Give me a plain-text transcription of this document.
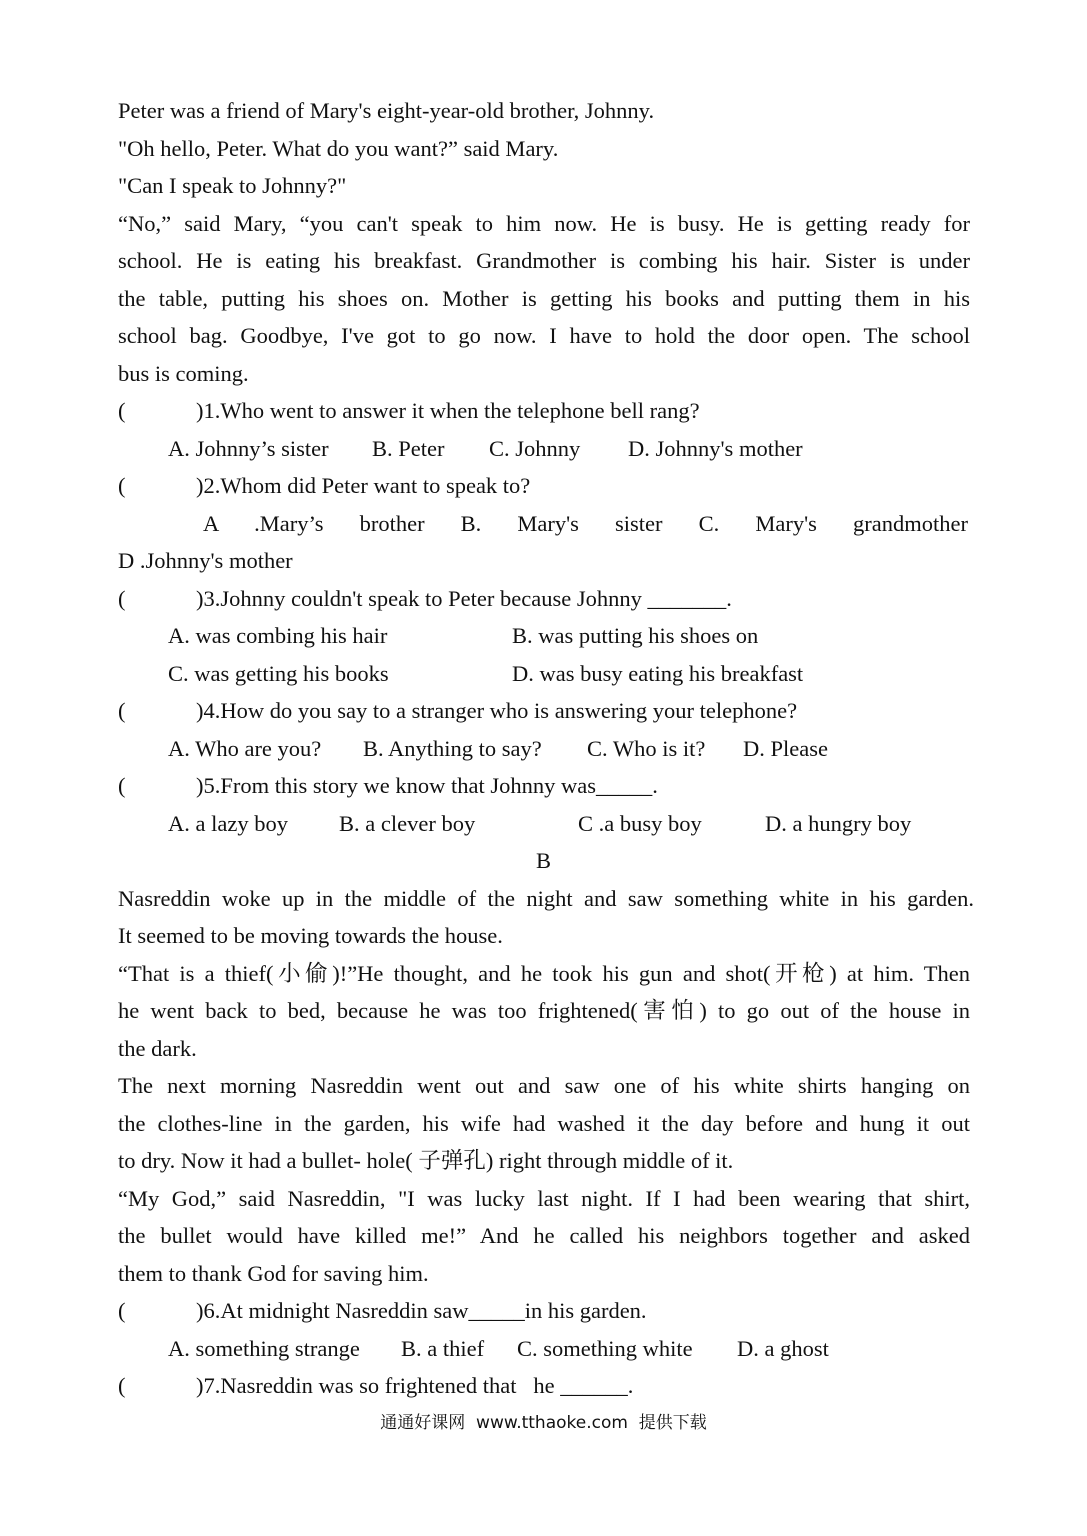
Peter was a friend of Mary's eight-year-old brother, Johnny.
"Oh hello, Peter. What do you want?” said Mary.
"Can I speak to Johnny?"
“No,” said Mary, “you can't speak to him now. He is busy. He is getting ready for
school. He is eating his breakfast. Grandmother is combing his hair. Sister is under
the table, putting his shoes on. Mother is getting his books and putting them in his
school bag. Goodbye, I've got to go now. I have to hold the door open. The school
bus is coming.
(	)1.Who went to answer it when the telephone bell rang?
A. Johnny’s sister B. Peter C. Johnny D. Johnny's mother
(	)2.Whom did Peter want to speak to?
A .Mary’s brother B. Mary's sister C. Mary's grandmother
D .Johnny's mother
(	)3.Johnny couldn't speak to Peter because Johnny _______.
A. was combing his hair	B. was putting his shoes on
C. was getting his books	D. was busy eating his breakfast
(	)4.How do you say to a stranger who is answering your telephone?
A. Who are you? B. Anything to say? C. Who is it? D. Please
(	)5.From this story we know that Johnny was_____.
A. a lazy boy B. a clever boy	C .a busy boy	D. a hungry boy
B
Nasreddin woke up in the middle of the night and saw something white in his garden.
It seemed to be moving towards the house.
“That is a thief(小偷)!”He thought, and he took his gun and shot(开枪) at him. Then
he went back to bed, because he was too frightened(害怕) to go out of the house in
the dark.
The next morning Nasreddin went out and saw one of his white shirts hanging on
the clothes-line in the garden, his wife had washed it the day before and hung it out
to dry. Now it had a bullet- hole( 子弹孔) right through middle of it.
“My God,” said Nasreddin, "I was lucky last night. If I had been wearing that shirt,
the bullet would have killed me!” And he called his neighbors together and asked
them to thank God for saving him.
(	)6.At midnight Nasreddin saw_____in his garden.
A. something strange B. a thief C. something white D. a ghost
(	)7.Nasreddin was so frightened that   he ______.
通通好课网  www.tthaoke.com  提供下载
